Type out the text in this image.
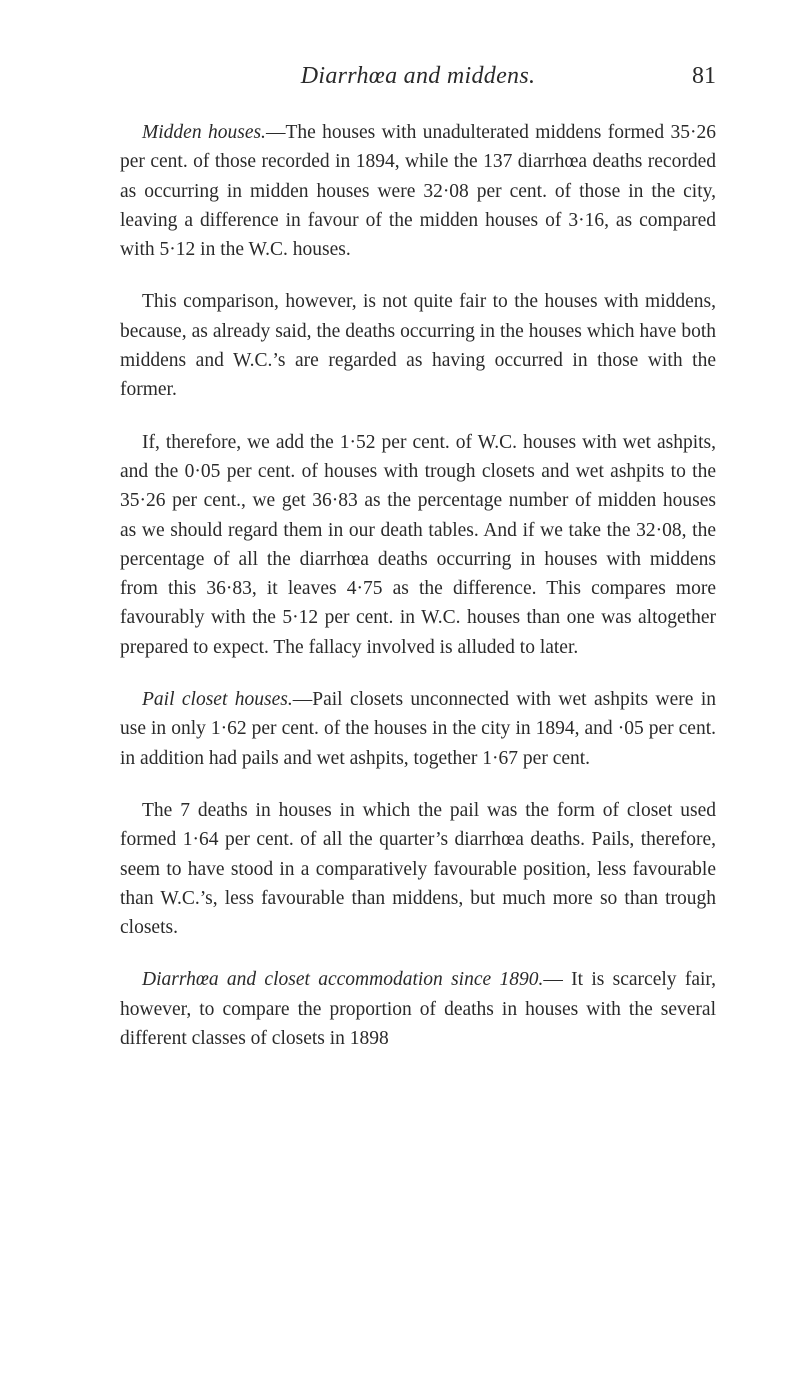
Diarrhœa and middens.	81

Midden houses.—The houses with unadulterated middens formed 35·26 per cent. of those recorded in 1894, while the 137 diarrhœa deaths recorded as occurring in midden houses were 32·08 per cent. of those in the city, leaving a difference in favour of the midden houses of 3·16, as compared with 5·12 in the W.C. houses.

This comparison, however, is not quite fair to the houses with middens, because, as already said, the deaths occurring in the houses which have both middens and W.C.’s are regarded as having occurred in those with the former.

If, therefore, we add the 1·52 per cent. of W.C. houses with wet ashpits, and the 0·05 per cent. of houses with trough closets and wet ashpits to the 35·26 per cent., we get 36·83 as the percentage number of midden houses as we should regard them in our death tables. And if we take the 32·08, the percentage of all the diarrhœa deaths occurring in houses with middens from this 36·83, it leaves 4·75 as the difference. This compares more favourably with the 5·12 per cent. in W.C. houses than one was altogether prepared to expect. The fallacy involved is alluded to later.

Pail closet houses.—Pail closets unconnected with wet ashpits were in use in only 1·62 per cent. of the houses in the city in 1894, and ·05 per cent. in addition had pails and wet ashpits, together 1·67 per cent.

The 7 deaths in houses in which the pail was the form of closet used formed 1·64 per cent. of all the quarter’s diarrhœa deaths. Pails, therefore, seem to have stood in a comparatively favourable position, less favourable than W.C.’s, less favourable than middens, but much more so than trough closets.

Diarrhœa and closet accommodation since 1890.— It is scarcely fair, however, to compare the proportion of deaths in houses with the several different classes of closets in 1898
